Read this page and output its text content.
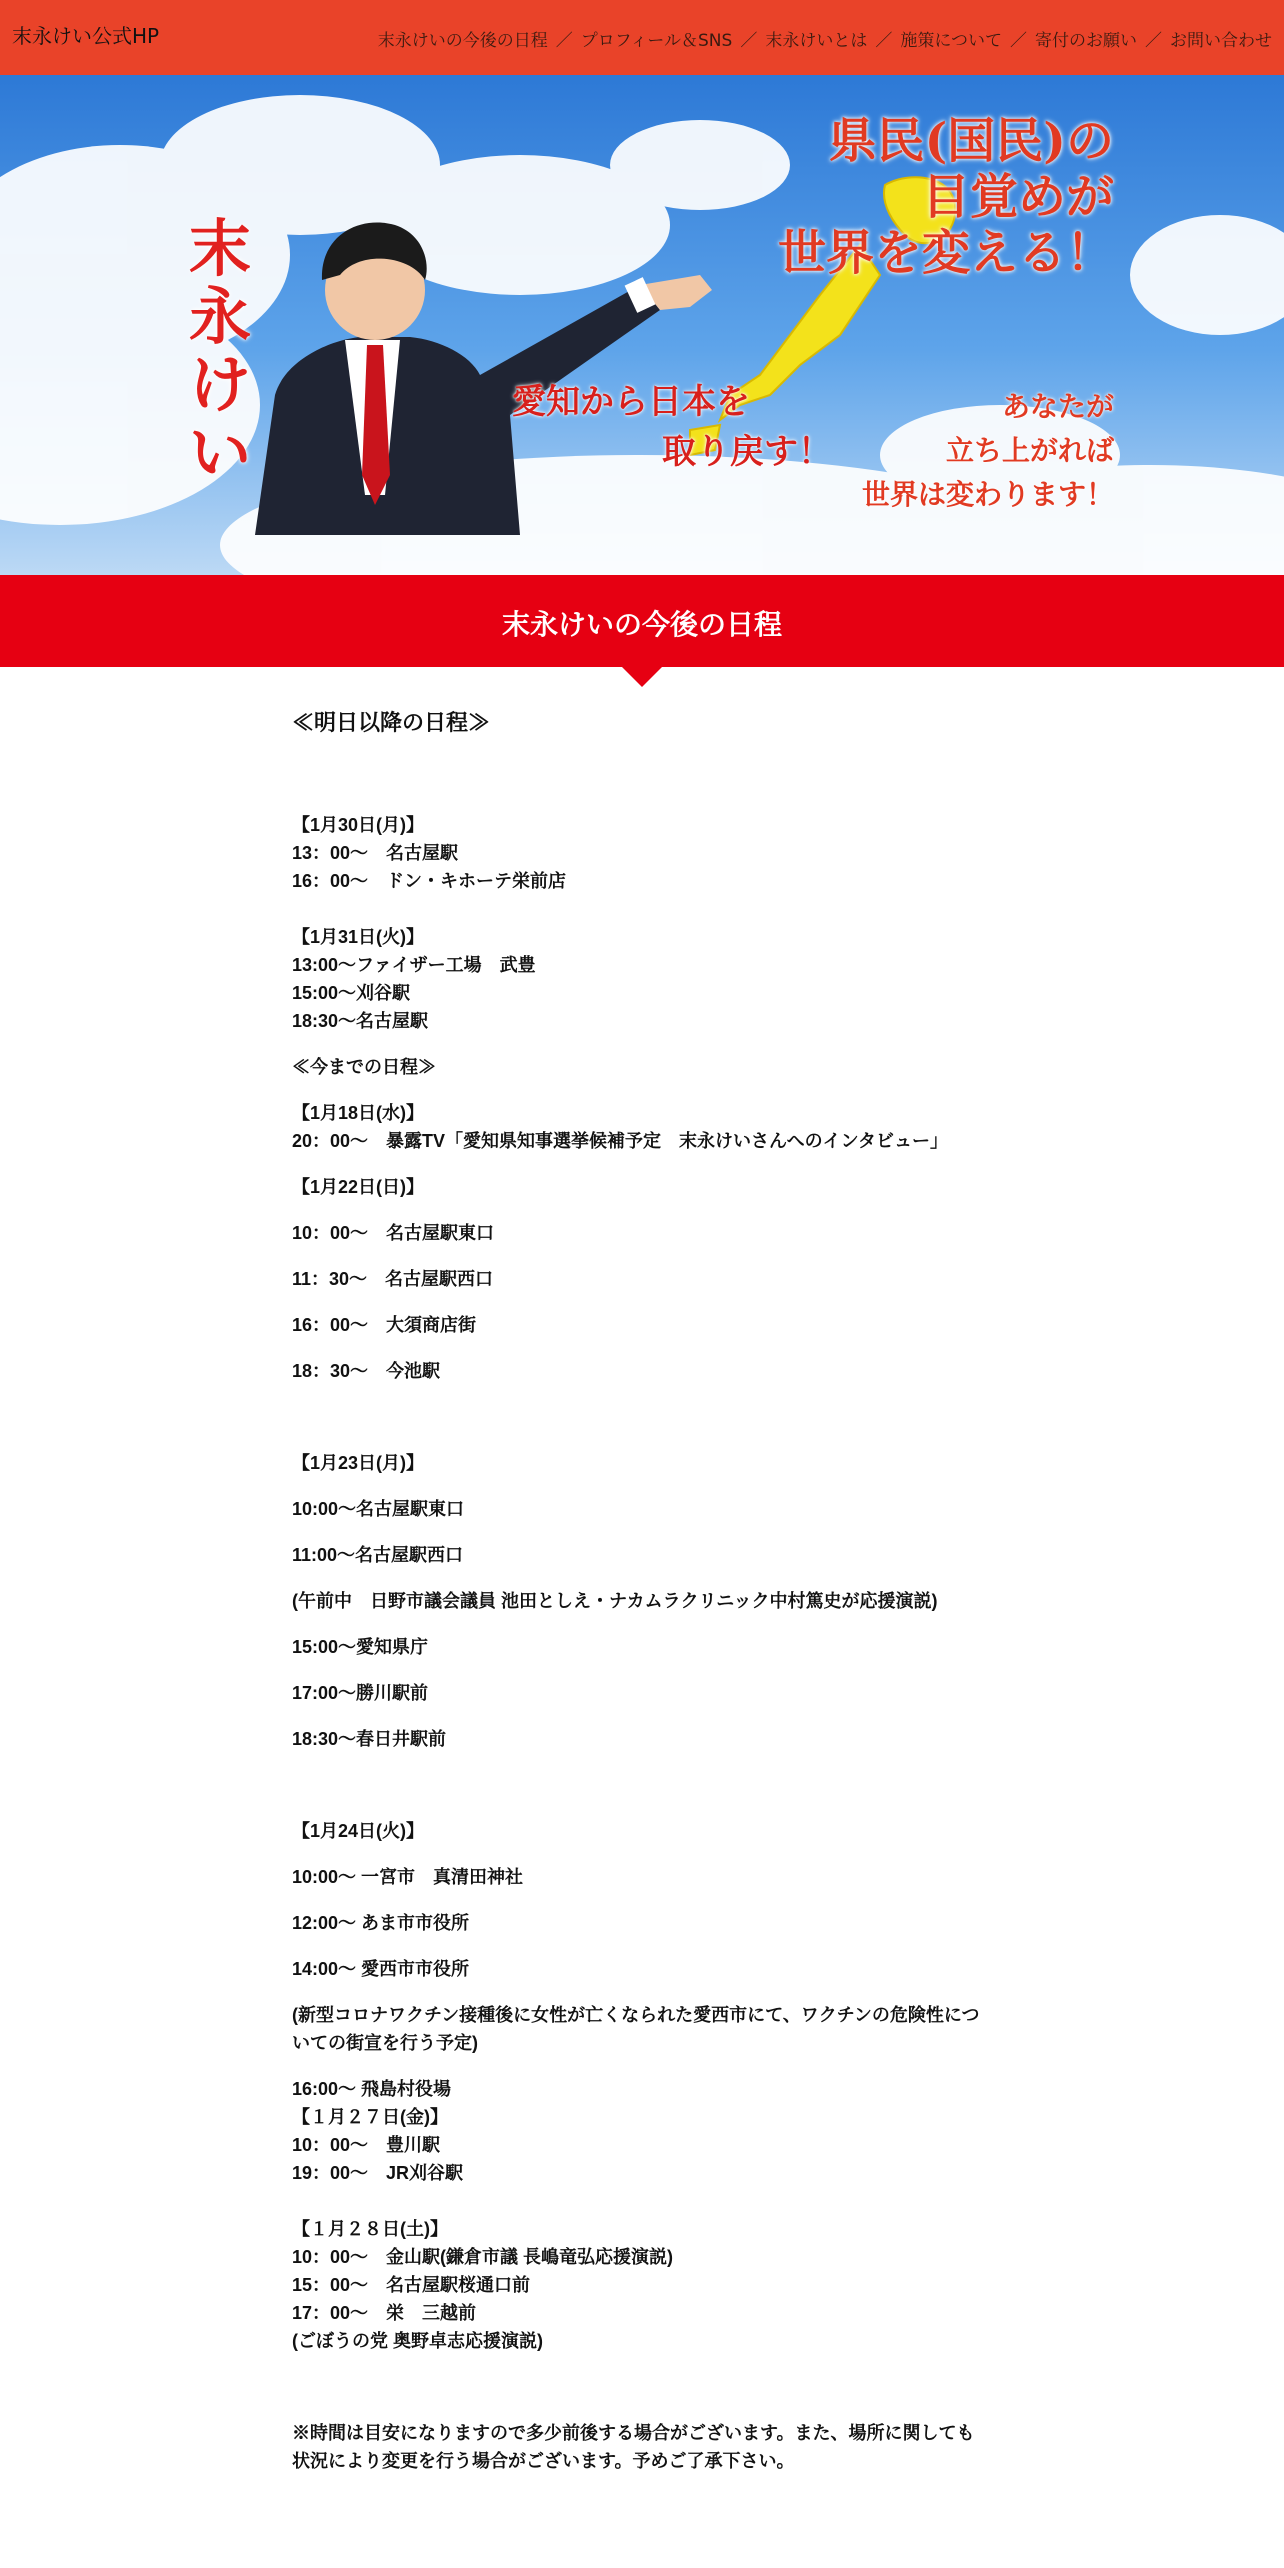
末永けい公式HP	末永けいの今後の日程 ／ プロフィール＆SNS ／ 末永けいとは ／ 施策について ／ 寄付のお願い ／ お問い合わせ
末永けい
県民(国民)の
目覚めが
世界を変える！
愛知から日本を
取り戻す！
あなたが
立ち上がれば
世界は変わります！
末永けいの今後の日程

≪明日以降の日程≫

【1月30日(月)】

13：00～　名古屋駅

16：00～　ドン・キホーテ栄前店

【1月31日(火)】

13:00〜ファイザー工場　武豊

15:00〜刈谷駅

18:30〜名古屋駅

≪今までの日程≫

【1月18日(水)】

20：00～　暴露TV「愛知県知事選挙候補予定　末永けいさんへのインタビュー」

【1月22日(日)】

10：00～　名古屋駅東口

11：30～　名古屋駅西口

16：00～　大須商店街

18：30～　今池駅

【1月23日(月)】

10:00〜名古屋駅東口

11:00〜名古屋駅西口

(午前中　日野市議会議員 池田としえ・ナカムラクリニック中村篤史が応援演説)

15:00〜愛知県庁

17:00〜勝川駅前

18:30〜春日井駅前

【1月24日(火)】

10:00〜 一宮市　真清田神社

12:00〜 あま市市役所

14:00〜 愛西市市役所

(新型コロナワクチン接種後に女性が亡くなられた愛西市にて、ワクチンの危険性についての街宣を行う予定)

16:00〜 飛島村役場

【１月２７日(金)】

10：00～　豊川駅

19：00～　JR刈谷駅

【１月２８日(土)】

10：00～　金山駅(鎌倉市議 長嶋竜弘応援演説)

15：00～　名古屋駅桜通口前

17：00～　栄　三越前

(ごぼうの党 奥野卓志応援演説)

※時間は目安になりますので多少前後する場合がございます。また、場所に関しても状況により変更を行う場合がございます。予めご了承下さい。
